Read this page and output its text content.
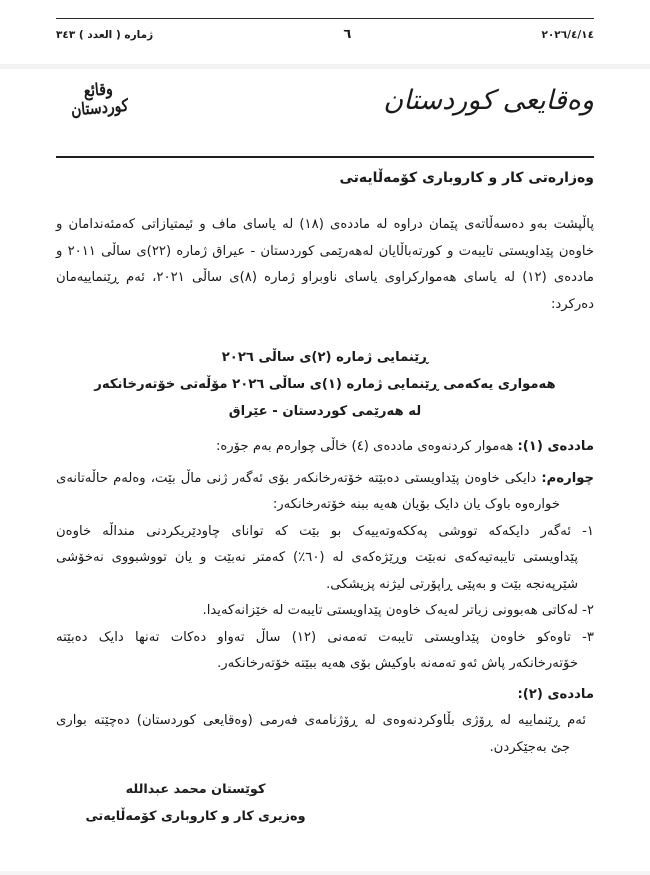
٢٠٢٦/٤/١٤
٦
ژماره ( العدد ) ٣٤٣
وقائع كوردستان	وەقایعی کوردستان
وەزارەتی کار و کاروباری کۆمەڵایەتی
پاڵپشت بەو دەسەڵاتەی پێمان دراوە لە ماددەی (١٨) لە یاسای ماف و ئیمتیازاتی کەمئەندامان و
خاوەن پێداویستی تایبەت و کورتەباڵایان لەهەرێمی کوردستان - عیراق ژماره (٢٢)ی ساڵی ٢٠١١ و
ماددەی (١٢) لە یاسای هەموارکراوی یاسای ناوبراو ژماره (٨)ی ساڵی ٢٠٢١، ئەم ڕێنماییەمان دەرکرد:
ڕێنمایی ژماره (٢)ی ساڵی ٢٠٢٦
هەمواری یەکەمی ڕێنمایی ژماره (١)ی ساڵی ٢٠٢٦ مۆڵەتی خۆتەرخانکەر
لە هەرێمی کوردستان - عێراق
ماددەی (١): هەموار کردنەوەی ماددەی (٤) خاڵی چوارەم بەم جۆرە:
چوارەم: دایکی خاوەن پێداویستی دەبێتە خۆتەرخانکەر بۆی ئەگەر ژنی ماڵ بێت، وەلەم حاڵەتانەی
خوارەوە باوک یان دایک بۆیان هەیە ببنە خۆتەرخانکەر:
١- ئەگەر دایکەکە تووشی پەککەوتەییەک بو بێت کە توانای چاودێریکردنی منداڵە خاوەن
پێداویستی تایبەتیەکەی نەبێت وڕێژەکەی لە (٦٠٪) کەمتر نەبێت و یان تووشبووی نەخۆشی
شێرپەنجە بێت و بەپێی ڕاپۆرتی لیژنە پزیشکی.
٢- لەکاتی هەبوونی زیاتر لەیەک خاوەن پێداویستی تایبەت لە خێزانەکەیدا.
٣- تاوەکو خاوەن پێداویستی تایبەت تەمەنی (١٢) ساڵ تەواو دەکات تەنها دایک دەبێتە
خۆتەرخانکەر پاش ئەو تەمەنە باوکیش بۆی هەیە ببێتە خۆتەرخانکەر.
ماددەی (٢):
ئەم ڕێنماییە لە ڕۆژی بڵاوکردنەوەی لە ڕۆژنامەی فەرمی (وەقایعی کوردستان) دەچێتە بواری
جێ بەجێکردن.
کوێستان محمد عبدالله
وەزیری کار و کاروباری کۆمەڵایەتی
